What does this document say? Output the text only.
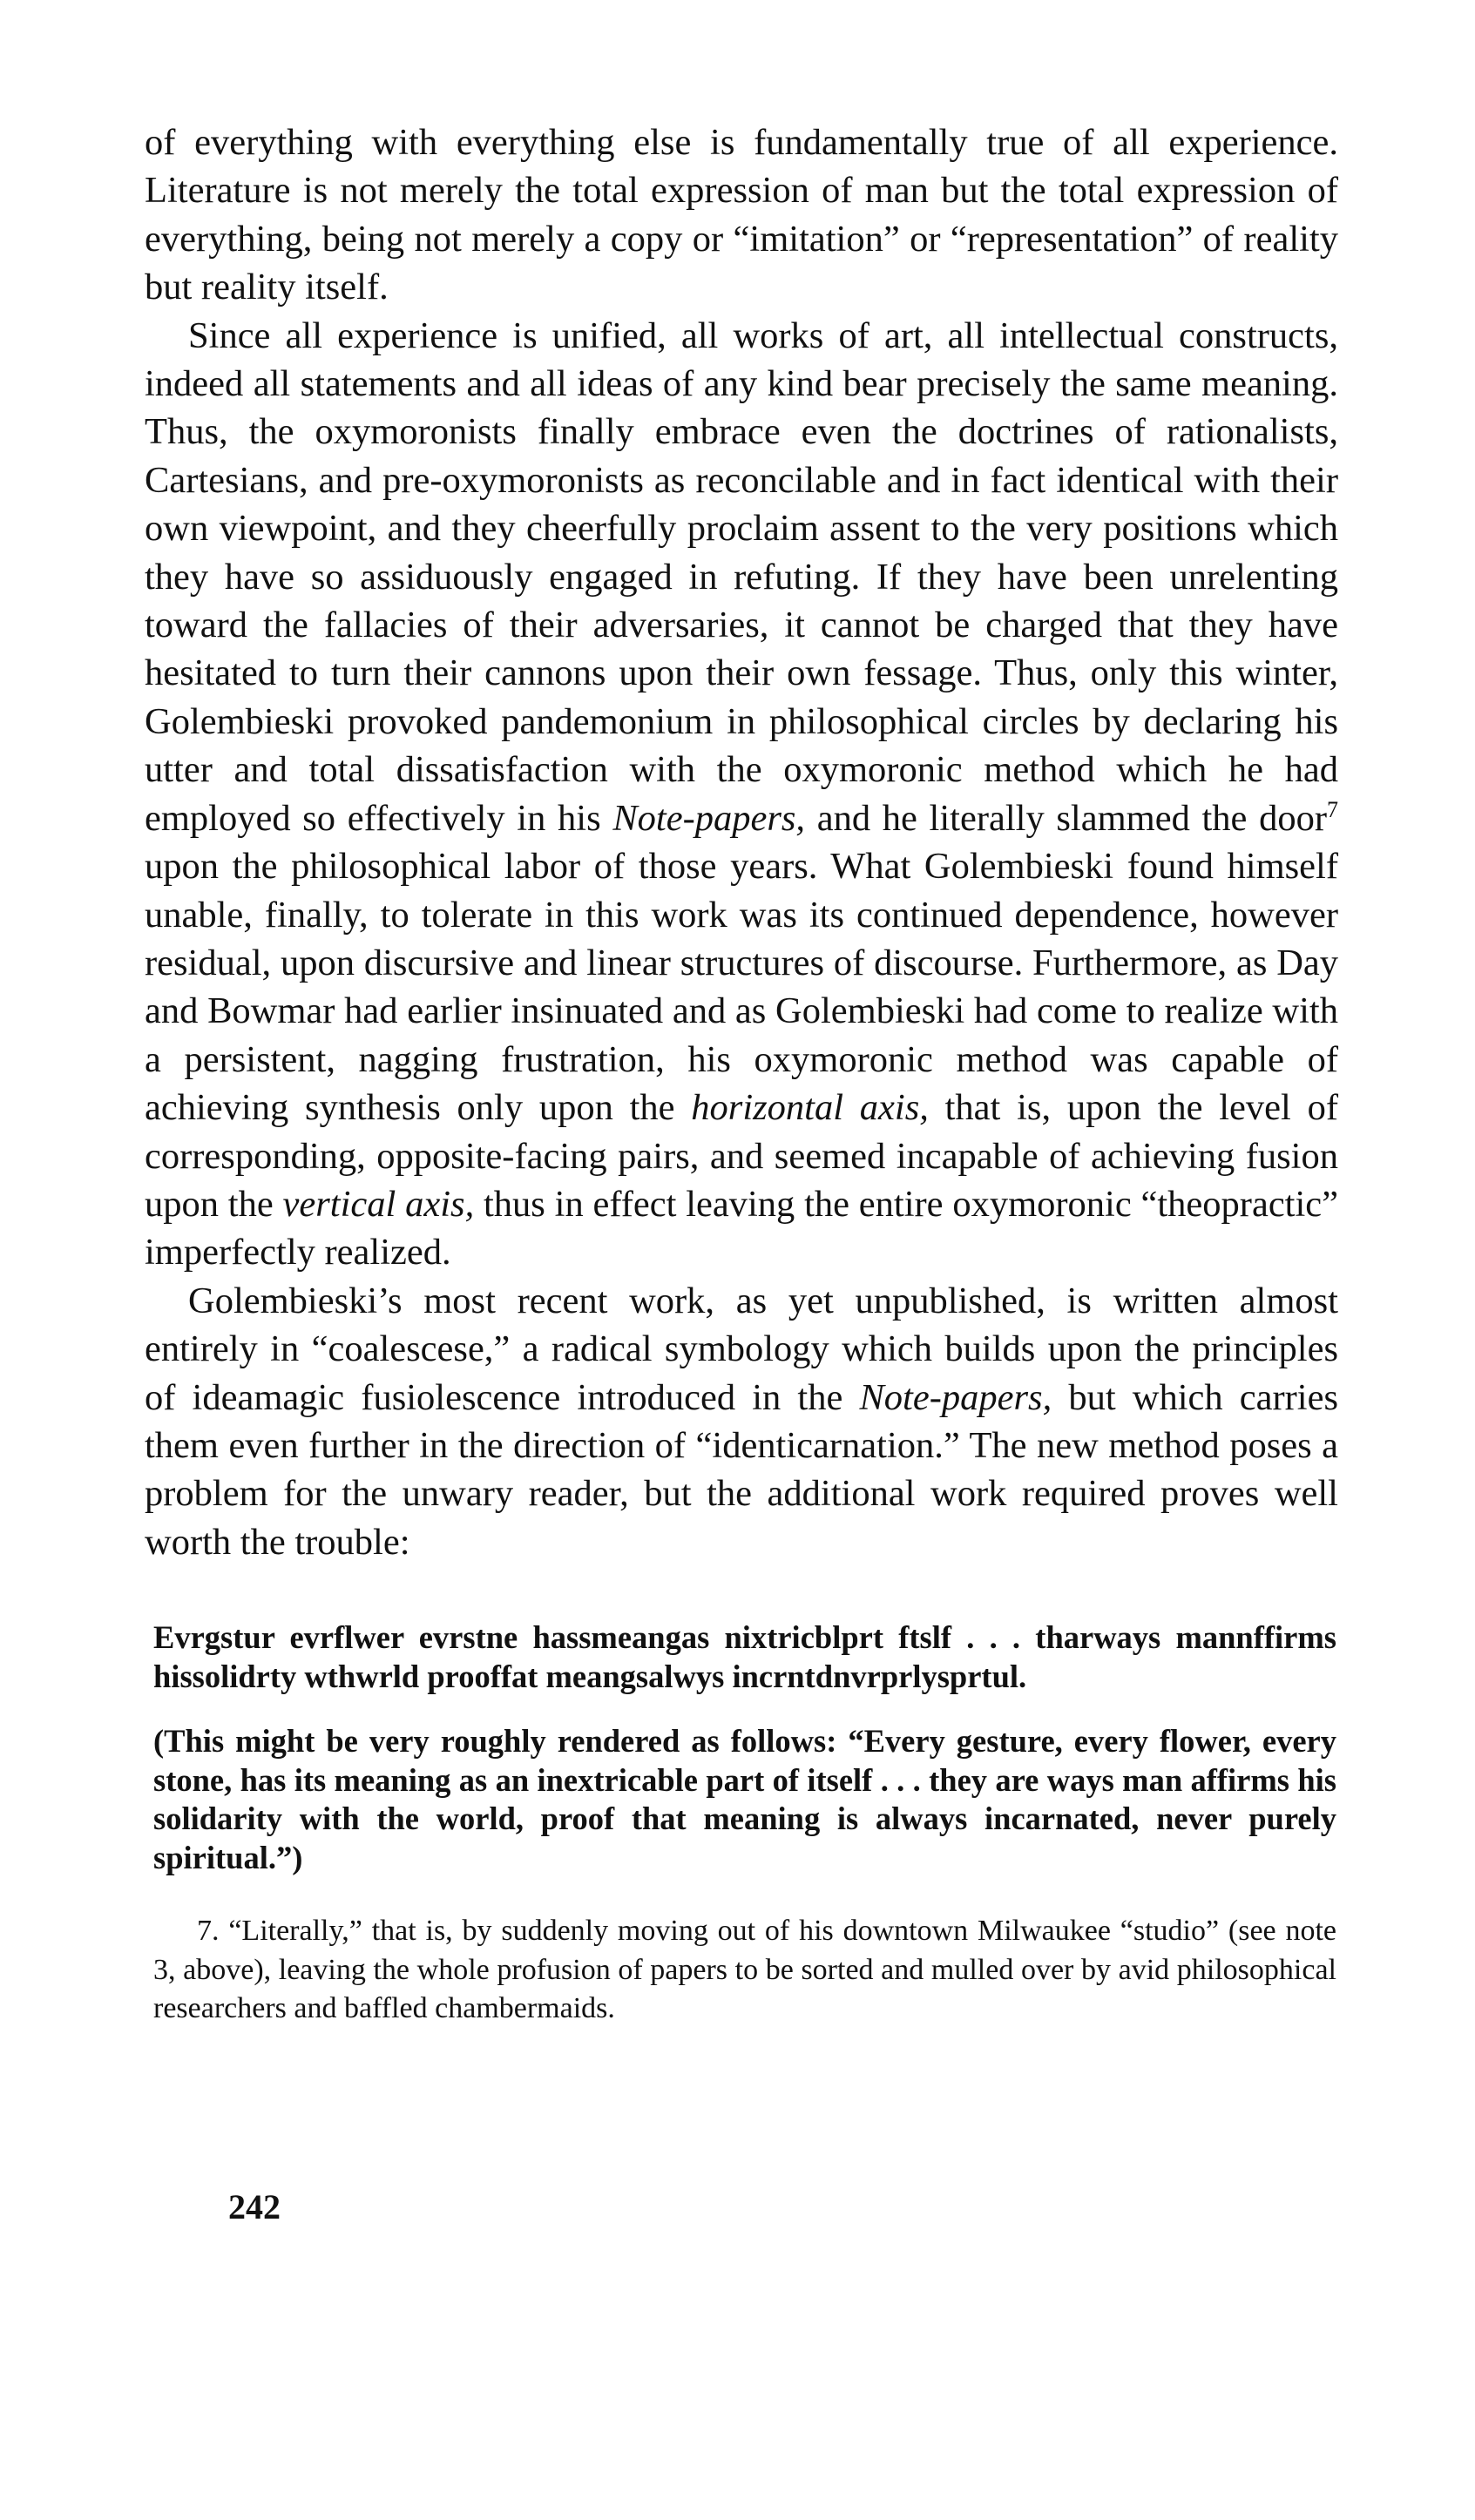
of everything with everything else is fundamentally true of all experience. Literature is not merely the total expression of man but the total expression of everything, being not merely a copy or “imitation” or “representation” of reality but reality itself.

Since all experience is unified, all works of art, all intellectual constructs, indeed all statements and all ideas of any kind bear precisely the same meaning. Thus, the oxymoronists finally embrace even the doctrines of rationalists, Cartesians, and pre-oxymoronists as reconcilable and in fact identical with their own viewpoint, and they cheerfully proclaim assent to the very positions which they have so assiduously engaged in refuting. If they have been unrelenting toward the fallacies of their adversaries, it cannot be charged that they have hesitated to turn their cannons upon their own fessage. Thus, only this winter, Golembieski provoked pandemonium in philosophical circles by declaring his utter and total dissatisfaction with the oxymoronic method which he had employed so effectively in his Note-papers, and he literally slammed the door$^7$ upon the philosophical labor of those years. What Golembieski found himself unable, finally, to tolerate in this work was its continued dependence, however residual, upon discursive and linear structures of discourse. Furthermore, as Day and Bowmar had earlier insinuated and as Golembieski had come to realize with a persistent, nagging frustration, his oxymoronic method was capable of achieving synthesis only upon the horizontal axis, that is, upon the level of corresponding, opposite-facing pairs, and seemed incapable of achieving fusion upon the vertical axis, thus in effect leaving the entire oxymoronic “theopractic” imperfectly realized.

Golembieski’s most recent work, as yet unpublished, is written almost entirely in “coalescese,” a radical symbology which builds upon the principles of ideamagic fusiolescence introduced in the Note-papers, but which carries them even further in the direction of “identicarnation.” The new method poses a problem for the unwary reader, but the additional work required proves well worth the trouble:

Evrgstur evrflwer evrstne hassmeangas nixtricblprt ftslf . . . tharways mannffirms hissolidrty wthwrld prooffat meangsalwys incrntdnvrprlysprtul.
(This might be very roughly rendered as follows: “Every gesture, every flower, every stone, has its meaning as an inextricable part of itself . . . they are ways man affirms his solidarity with the world, proof that meaning is always incarnated, never purely spiritual.”)
7. “Literally,” that is, by suddenly moving out of his downtown Milwaukee “studio” (see note 3, above), leaving the whole profusion of papers to be sorted and mulled over by avid philosophical researchers and baffled chambermaids.
242
